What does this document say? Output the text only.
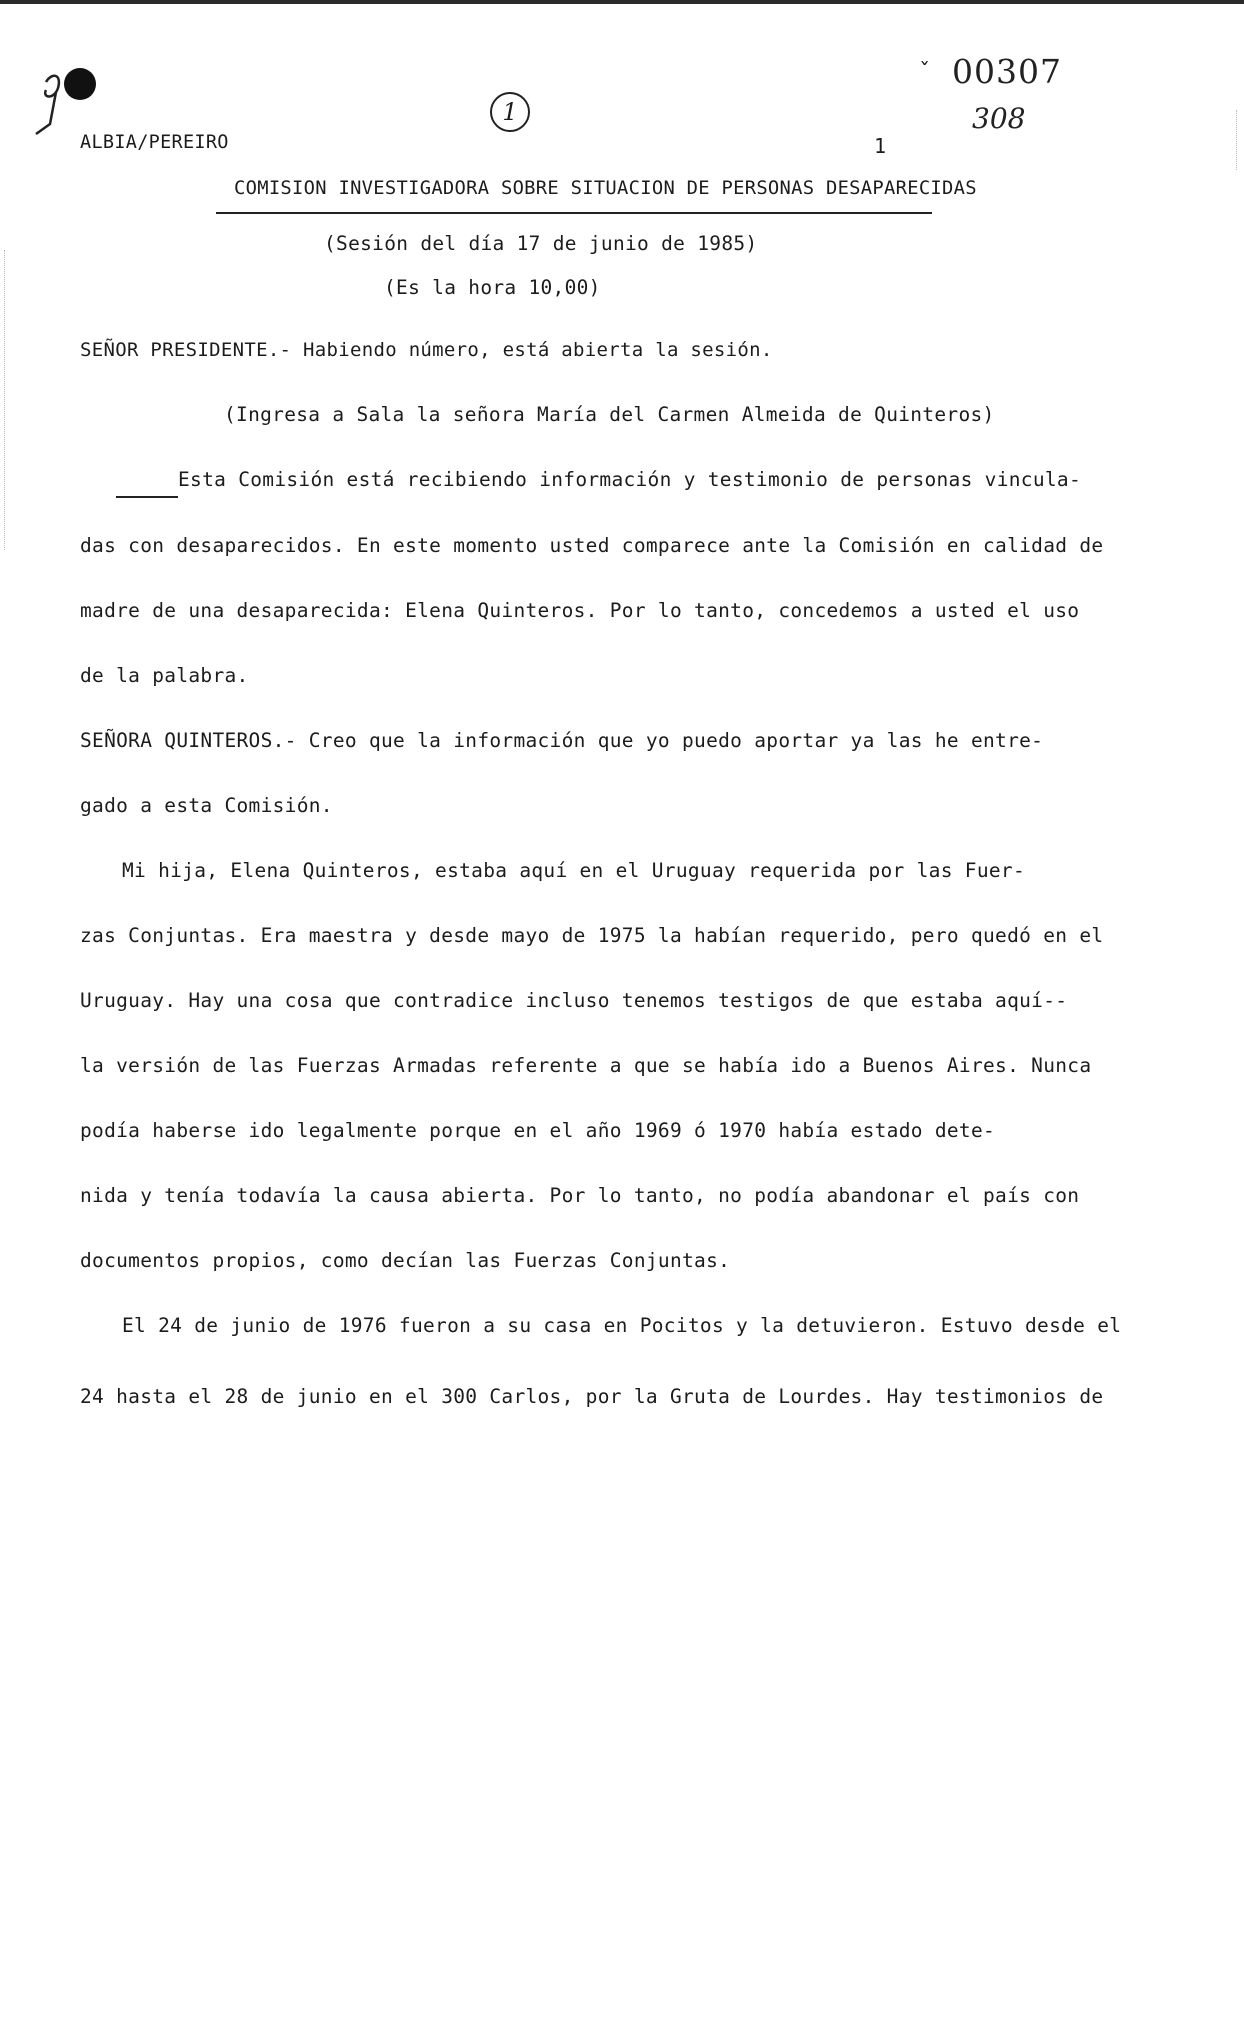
ALBIA/PEREIRO
1
ˇ 00307
308
1
COMISION INVESTIGADORA SOBRE SITUACION DE PERSONAS DESAPARECIDAS
(Sesión del día 17 de junio de 1985)
(Es la hora 10,00)
SEÑOR PRESIDENTE.- Habiendo número, está abierta la sesión.
(Ingresa a Sala la señora María del Carmen Almeida de Quinteros)
Esta Comisión está recibiendo información y testimonio de personas vincula-
das con desaparecidos. En este momento usted comparece ante la Comisión en calidad de
madre de una desaparecida: Elena Quinteros. Por lo tanto, concedemos a usted el uso
de la palabra.
SEÑORA QUINTEROS.- Creo que la información que yo puedo aportar ya las he entre-
gado a esta Comisión.
Mi hija, Elena Quinteros, estaba aquí en el Uruguay requerida por las Fuer-
zas Conjuntas. Era maestra y desde mayo de 1975 la habían requerido, pero quedó en el
Uruguay. Hay una cosa que contradice incluso tenemos testigos de que estaba aquí--
la versión de las Fuerzas Armadas referente a que se había ido a Buenos Aires. Nunca
podía haberse ido legalmente porque en el año 1969 ó 1970 había estado dete-
nida y tenía todavía la causa abierta. Por lo tanto, no podía abandonar el país con
documentos propios, como decían las Fuerzas Conjuntas.
El 24 de junio de 1976 fueron a su casa en Pocitos y la detuvieron. Estuvo desde el
24 hasta el 28 de junio en el 300 Carlos, por la Gruta de Lourdes. Hay testimonios de
